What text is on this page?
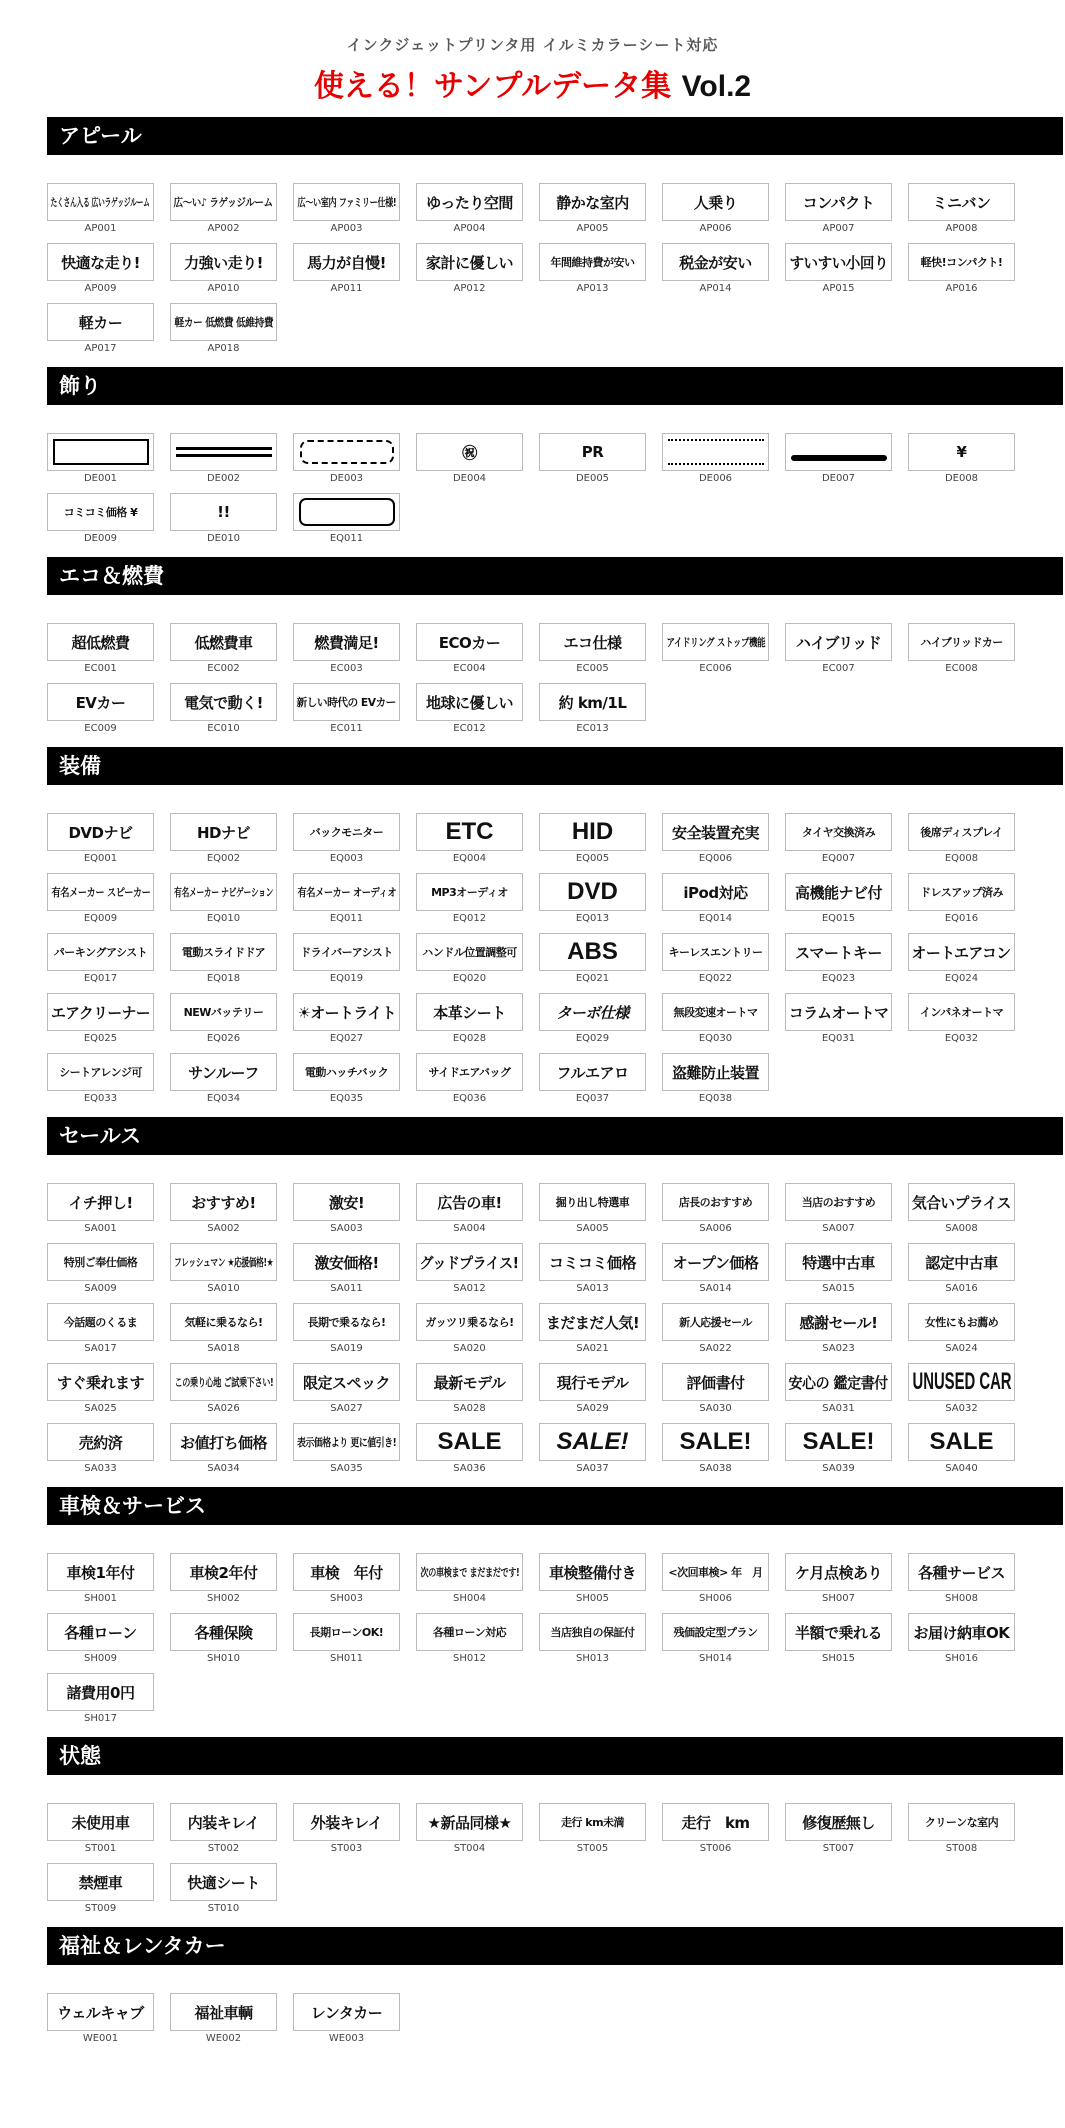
インクジェットプリンタ用 イルミカラーシート対応
使える！サンプルデータ集 Vol.2
アピール
たくさん入る 広いラゲッジルーム
AP001
広〜い♪ ラゲッジルーム
AP002
広〜い室内 ファミリー仕様!
AP003
ゆったり空間
AP004
静かな室内
AP005
人乗り
AP006
コンパクト
AP007
ミニバン
AP008
快適な走り!
AP009
力強い走り!
AP010
馬力が自慢!
AP011
家計に優しい
AP012
年間維持費が安い
AP013
税金が安い
AP014
すいすい小回り
AP015
軽快!コンパクト!
AP016
軽カー
AP017
軽カー 低燃費 低維持費
AP018
飾り
DE001	DE002	DE003
㊗
DE004
PR
DE005	DE006	DE007
¥
DE008
コミコミ価格 ¥
DE009
!!
DE010	EQ011
エコ＆燃費
超低燃費
EC001
低燃費車
EC002
燃費満足!
EC003
ECOカー
EC004
エコ仕様
EC005
アイドリング ストップ機能
EC006
ハイブリッド
EC007
ハイブリッドカー
EC008
EVカー
EC009
電気で動く!
EC010
新しい時代の EVカー
EC011
地球に優しい
EC012
約 km/1L
EC013
装備
DVDナビ
EQ001
HDナビ
EQ002
バックモニター
EQ003
ETC
EQ004
HID
EQ005
安全装置充実
EQ006
タイヤ交換済み
EQ007
後席ディスプレイ
EQ008
有名メーカー スピーカー
EQ009
有名メーカー ナビゲーション
EQ010
有名メーカー オーディオ
EQ011
MP3オーディオ
EQ012
DVD
EQ013
iPod対応
EQ014
高機能ナビ付
EQ015
ドレスアップ済み
EQ016
パーキングアシスト
EQ017
電動スライドドア
EQ018
ドライバーアシスト
EQ019
ハンドル位置調整可
EQ020
ABS
EQ021
キーレスエントリー
EQ022
スマートキー
EQ023
オートエアコン
EQ024
エアクリーナー
EQ025
NEWバッテリー
EQ026
☀オートライト
EQ027
本革シート
EQ028
ターボ仕様
EQ029
無段変速オートマ
EQ030
コラムオートマ
EQ031
インパネオートマ
EQ032
シートアレンジ可
EQ033
サンルーフ
EQ034
電動ハッチバック
EQ035
サイドエアバッグ
EQ036
フルエアロ
EQ037
盗難防止装置
EQ038
セールス
イチ押し!
SA001
おすすめ!
SA002
激安!
SA003
広告の車!
SA004
掘り出し特選車
SA005
店長のおすすめ
SA006
当店のおすすめ
SA007
気合いプライス
SA008
特別ご奉仕価格
SA009
フレッシュマン ★応援価格!★
SA010
激安価格!
SA011
グッドプライス!
SA012
コミコミ価格
SA013
オープン価格
SA014
特選中古車
SA015
認定中古車
SA016
今話題のくるま
SA017
気軽に乗るなら!
SA018
長期で乗るなら!
SA019
ガッツリ乗るなら!
SA020
まだまだ人気!
SA021
新人応援セール
SA022
感謝セール!
SA023
女性にもお薦め
SA024
すぐ乗れます
SA025
この乗り心地 ご試乗下さい!
SA026
限定スペック
SA027
最新モデル
SA028
現行モデル
SA029
評価書付
SA030
安心の 鑑定書付
SA031
UNUSED CAR
SA032
売約済
SA033
お値打ち価格
SA034
表示価格より 更に値引き!
SA035
SALE
SA036
SALE!
SA037
SALE!
SA038
SALE!
SA039
SALE
SA040
車検＆サービス
車検1年付
SH001
車検2年付
SH002
車検　年付
SH003
次の車検まで まだまだです!
SH004
車検整備付き
SH005
<次回車検> 年　月
SH006
ケ月点検あり
SH007
各種サービス
SH008
各種ローン
SH009
各種保険
SH010
長期ローンOK!
SH011
各種ローン対応
SH012
当店独自の保証付
SH013
残価設定型プラン
SH014
半額で乗れる
SH015
お届け納車OK
SH016
諸費用0円
SH017
状態
未使用車
ST001
内装キレイ
ST002
外装キレイ
ST003
★新品同様★
ST004
走行 km未満
ST005
走行　km
ST006
修復歴無し
ST007
クリーンな室内
ST008
禁煙車
ST009
快適シート
ST010
福祉＆レンタカー
ウェルキャブ
WE001
福祉車輌
WE002
レンタカー
WE003
